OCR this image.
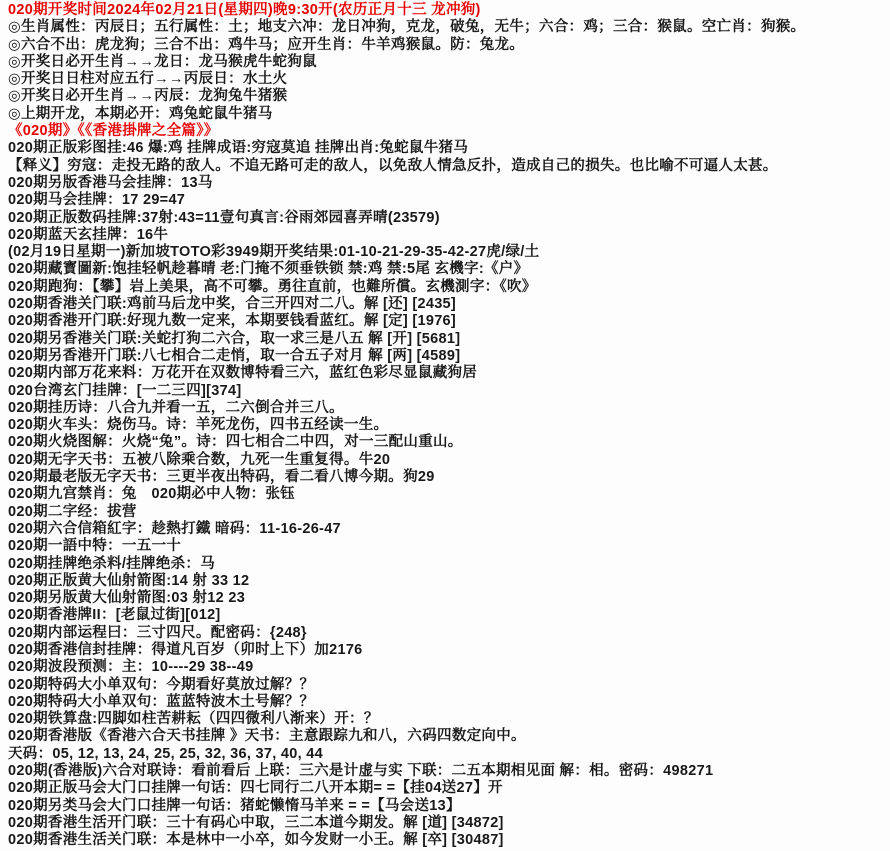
020期开奖时间2024年02月21日(星期四)晚9:30开(农历正月十三 龙冲狗)
◎生肖属性：丙辰日；五行属性：土；地支六冲：龙日冲狗，克龙，破兔，无牛；六合：鸡；三合：猴鼠。空亡肖：狗猴。
◎六合不出：虎龙狗；三合不出：鸡牛马；应开生肖：牛羊鸡猴鼠。防：兔龙。
◎开奖日必开生肖→→龙日：龙马猴虎牛蛇狗鼠
◎开奖日日柱对应五行→→丙辰日：水土火
◎开奖日必开生肖→→丙辰：龙狗兔牛猪猴
◎上期开龙，本期必开：鸡兔蛇鼠牛猪马
《020期》《《香港掛牌之全篇》》
020期正版彩图挂:46 爆:鸡 挂牌成语:穷寇莫追 挂牌出肖:兔蛇鼠牛猪马
【释义】穷寇：走投无路的敌人。不追无路可走的敌人，以免敌人情急反扑，造成自己的损失。也比喻不可逼人太甚。
020期另版香港马会挂牌：13马
020期马会挂牌：17 29=47
020期正版数码挂牌:37射:43=11壹句真言:谷雨郊园喜弄晴(23579)
020期蓝天玄挂牌：16牛
(02月19日星期一)新加坡TOTO彩3949期开奖结果:01-10-21-29-35-42-27虎/绿/土
020期藏寳圖新:饱挂轻帆趁暮晴 老:门掩不须垂铁锁 禁:鸡 禁:5尾 玄機字:《户》
020期跑狗：【攀】岩上美果，高不可攀。勇往直前，也難所償。玄機測字：《吹》
020期香港关门联:鸡前马后龙中奖，合三开四对二八。解 [还] [2435]
020期香港开门联:好现九数一定来，本期要钱看蓝红。解 [定] [1976]
020期另香港关门联:关蛇打狗二六合，取一求三是八五 解 [开] [5681]
020期另香港开门联:八七相合二走悄，取一合五子对月 解 [两] [4589]
020期内部万花来料：万花开在双数博特看三六，蓝红色彩尽显鼠藏狗居
020台湾玄门挂牌：[一二三四][374]
020期挂历诗：八合九并看一五，二六倒合并三八。
020期火车头：烧伤马。诗：羊死龙伤，四书五经读一生。
020期火烧图解：火烧“兔”。诗：四七相合二中四，对一三配山重山。
020期无字天书：五被八除乘合数，九死一生重复得。牛20
020期最老版无字天书：三更半夜出特码，看二看八博今期。狗29
020期九宫禁肖：兔　020期必中人物：张钰
020期二字经：拔营
020期六合信箱紅字：趁熱打鐵 暗码：11-16-26-47
020期一語中特：一五一十
020期挂牌绝杀料/挂牌绝杀：马
020期正版黄大仙射箭图:14 射 33 12
020期另版黄大仙射箭图:03 射12 23
020期香港牌II：[老鼠过街][012]
020期内部运程曰：三寸四尺。配密码：{248}
020期香港信封挂牌：得道凡百岁（卯时上下）加2176
020期波段预测：主：10----29 38--49
020期特码大小单双句：今期看好莫放过解？？
020期特码大小单双句：蓝蓝特波木土号解？？
020期铁算盘:四脚如柱苦耕耘（四四微利八渐来）开：？
020期香港版《香港六合天书挂牌 》天书：主意跟踪九和八，六码四数定向中。
天码：05, 12, 13, 24, 25, 25, 32, 36, 37, 40, 44
020期(香港版)六合对联诗：看前看后 上联：三六是计虚与实 下联：二五本期相见面 解：相。密码：498271
020期正版马会大门口挂牌一句话：四七同行二八开本期= =【挂04送27】开
020期另类马会大门口挂牌一句话：猪蛇懒惰马羊来 = =【马会送13】
020期香港生活开门联：三十有码心中取，三二本道今期发。解 [道] [34872]
020期香港生活关门联：本是林中一小卒，如今发财一小王。解 [卒] [30487]
